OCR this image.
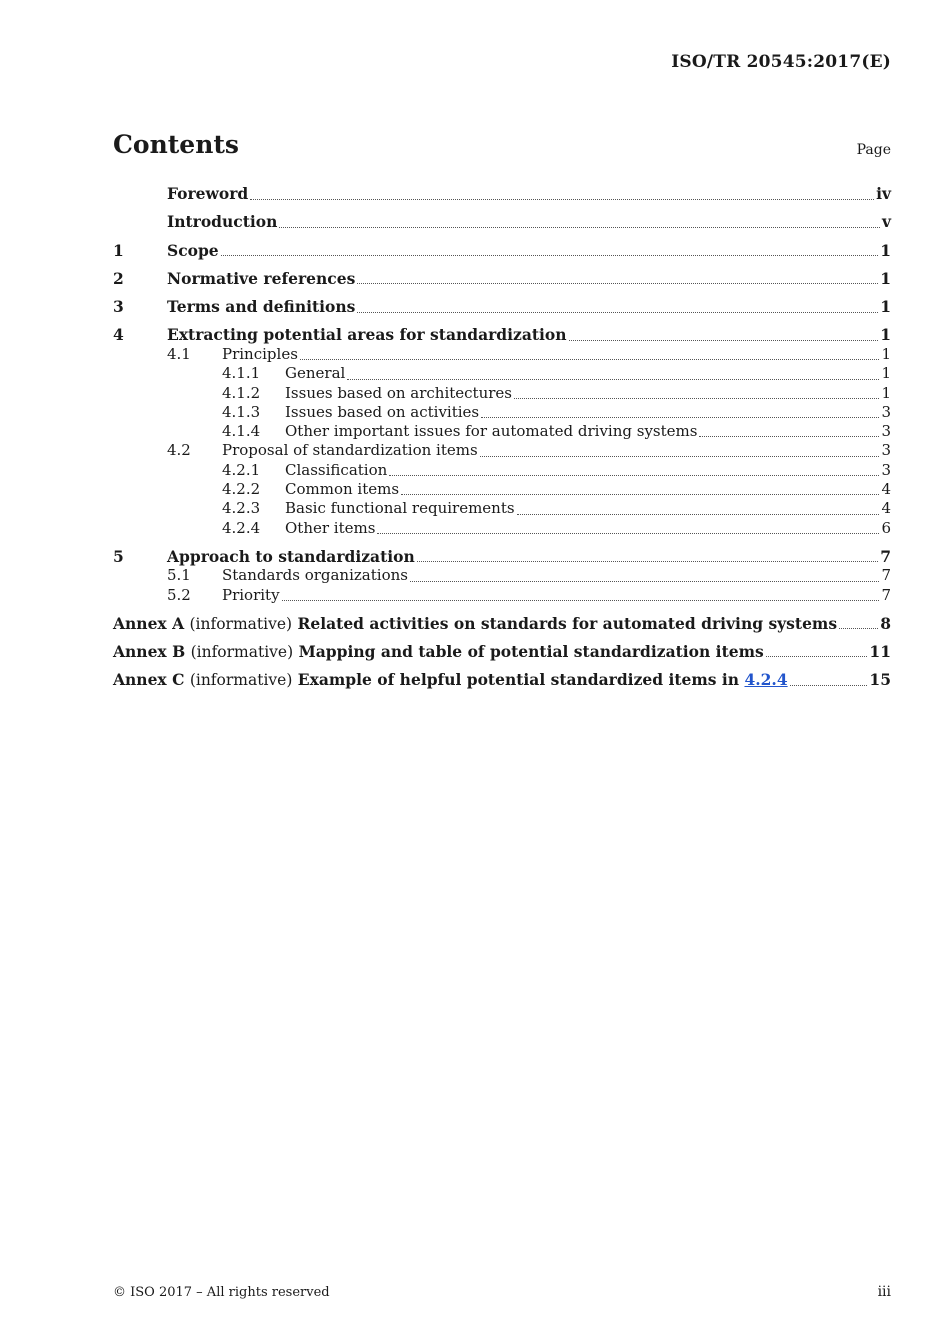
ISO/TR 20545:2017(E)
Contents	Page
Foreword	iv
Introduction	v
1	Scope	1
2	Normative references	1
3	Terms and definitions	1
4	Extracting potential areas for standardization	1
4.1	Principles	1
4.1.1	General	1
4.1.2	Issues based on architectures	1
4.1.3	Issues based on activities	3
4.1.4	Other important issues for automated driving systems	3
4.2	Proposal of standardization items	3
4.2.1	Classification	3
4.2.2	Common items	4
4.2.3	Basic functional requirements	4
4.2.4	Other items	6
5	Approach to standardization	7
5.1	Standards organizations	7
5.2	Priority	7
Annex A (informative) Related activities on standards for automated driving systems	8
Annex B (informative) Mapping and table of potential standardization items	11
Annex C (informative) Example of helpful potential standardized items in 4.2.4	15
© ISO 2017 – All rights reserved	iii
